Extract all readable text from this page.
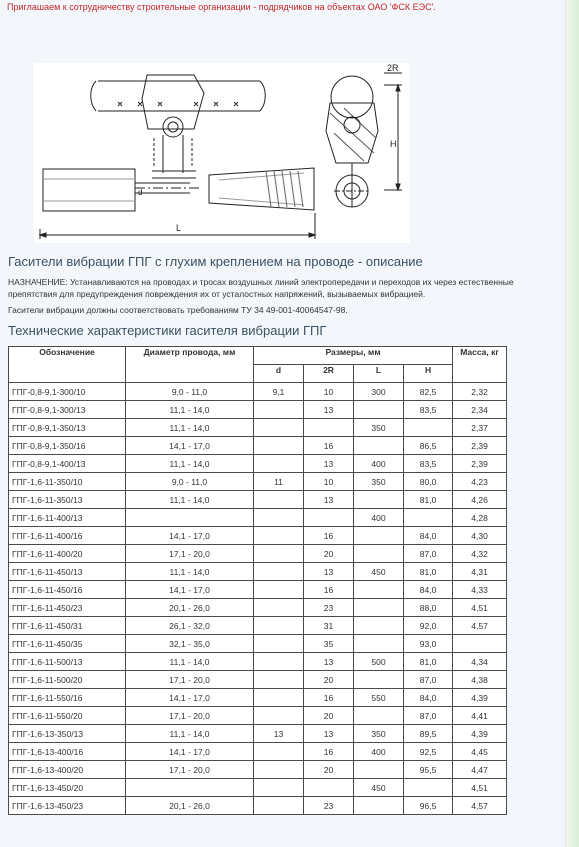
Приглашаем к сотрудничеству строительные организации - подрядчиков на объектах ОАО 'ФСК ЕЭС'.
2R
H
L
d
Гасители вибрации ГПГ с глухим креплением на проводе - описание
НАЗНАЧЕНИЕ: Устанавливаются на проводах и тросах воздушных линий электропередачи и переходов их через естественные препятствия для предупреждения повреждения их от усталостных напряжений, вызываемых вибрацией.
Гасители вибрации должны соответствовать требованиям ТУ 34 49-001-40064547-98.
Технические характеристики гасителя вибрации ГПГ
Обозначение	Диаметр провода, мм	Размеры, мм				Масса, кг
		d	2R	L	H	
ГПГ-0,8-9,1-300/10	9,0 - 11,0	9,1	10	300	82,5	2,32
ГПГ-0,8-9,1-300/13	11,1 - 14,0		13		83,5	2,34
ГПГ-0,8-9,1-350/13	11,1 - 14,0			350		2,37
ГПГ-0,8-9,1-350/16	14,1 - 17,0		16		86,5	2,39
ГПГ-0,8-9,1-400/13	11,1 - 14,0		13	400	83,5	2,39
ГПГ-1,6-11-350/10	9,0 - 11,0	11	10	350	80,0	4,23
ГПГ-1,6-11-350/13	11,1 - 14,0		13		81,0	4,26
ГПГ-1,6-11-400/13				400		4,28
ГПГ-1,6-11-400/16	14,1 - 17,0		16		84,0	4,30
ГПГ-1,6-11-400/20	17,1 - 20,0		20		87,0	4,32
ГПГ-1,6-11-450/13	11,1 - 14,0		13	450	81,0	4,31
ГПГ-1,6-11-450/16	14,1 - 17,0		16		84,0	4,33
ГПГ-1,6-11-450/23	20,1 - 26,0		23		88,0	4,51
ГПГ-1,6-11-450/31	26,1 - 32,0		31		92,0	4,57
ГПГ-1,6-11-450/35	32,1 - 35,0		35		93,0	
ГПГ-1,6-11-500/13	11,1 - 14,0		13	500	81,0	4,34
ГПГ-1,6-11-500/20	17,1 - 20,0		20		87,0	4,38
ГПГ-1,6-11-550/16	14,1 - 17,0		16	550	84,0	4,39
ГПГ-1,6-11-550/20	17,1 - 20,0		20		87,0	4,41
ГПГ-1,6-13-350/13	11,1 - 14,0	13	13	350	89,5	4,39
ГПГ-1,6-13-400/16	14,1 - 17,0		16	400	92,5	4,45
ГПГ-1,6-13-400/20	17,1 - 20,0		20		95,5	4,47
ГПГ-1,6-13-450/20				450		4,51
ГПГ-1,6-13-450/23	20,1 - 26,0		23		96,5	4,57
